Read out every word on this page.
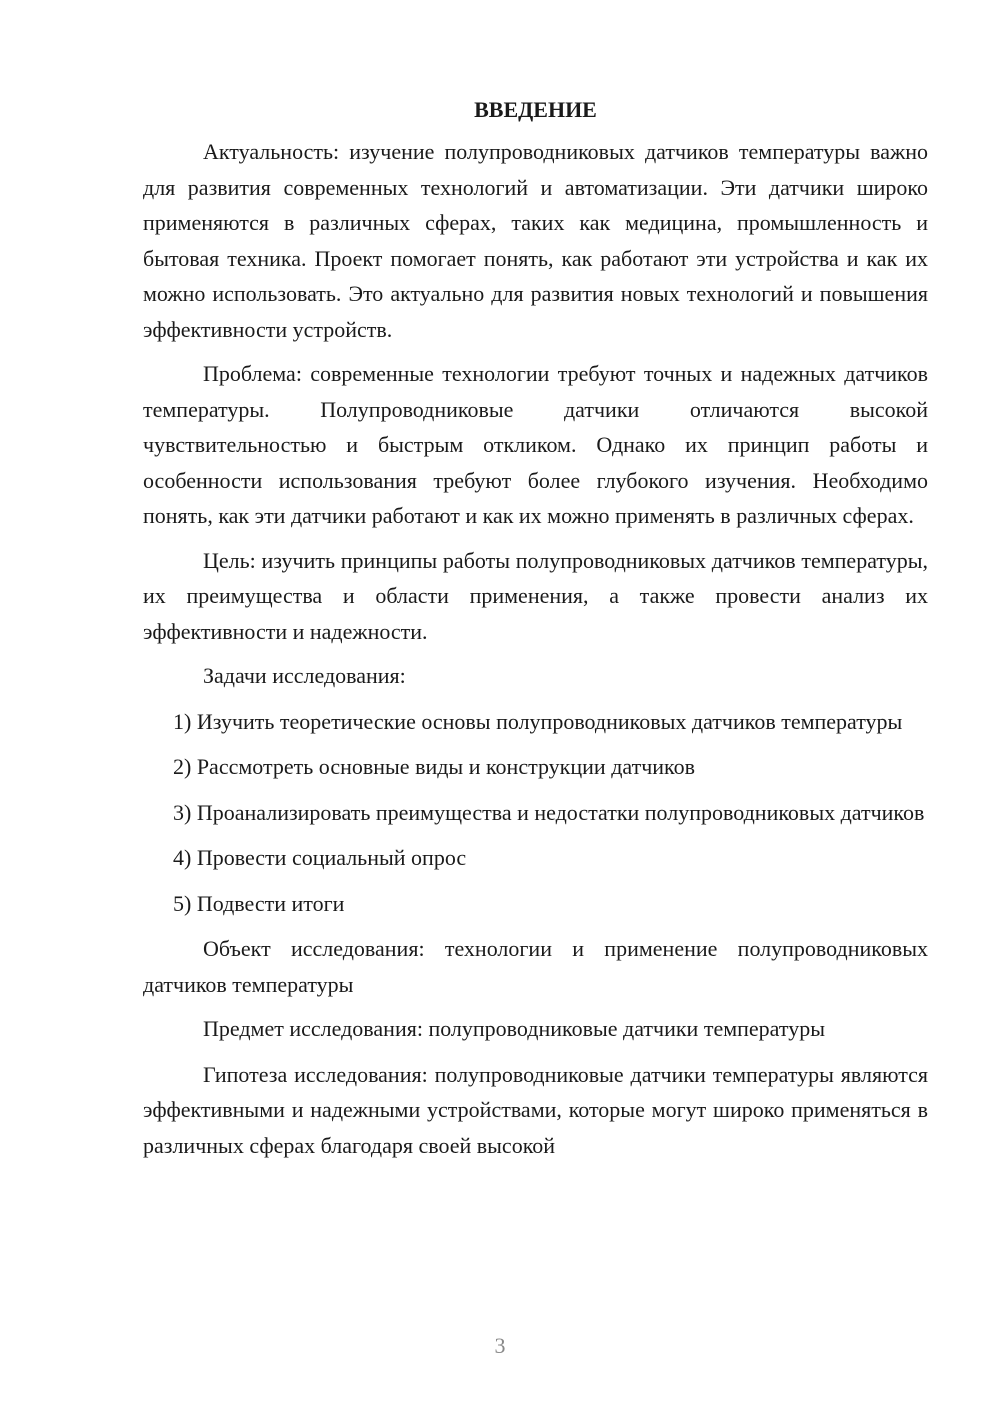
ВВЕДЕНИЕ

Актуальность: изучение полупроводниковых датчиков температуры важно для развития современных технологий и автоматизации. Эти датчики широко применяются в различных сферах, таких как медицина, промышленность и бытовая техника. Проект помогает понять, как работают эти устройства и как их можно использовать. Это актуально для развития новых технологий и повышения эффективности устройств.

Проблема: современные технологии требуют точных и надежных датчиков температуры. Полупроводниковые датчики отличаются высокой чувствительностью и быстрым откликом. Однако их принцип работы и особенности использования требуют более глубокого изучения. Необходимо понять, как эти датчики работают и как их можно применять в различных сферах.

Цель: изучить принципы работы полупроводниковых датчиков температуры, их преимущества и области применения, а также провести анализ их эффективности и надежности.

Задачи исследования:

1) Изучить теоретические основы полупроводниковых датчиков температуры

2) Рассмотреть основные виды и конструкции датчиков

3) Проанализировать преимущества и недостатки полупроводниковых датчиков

4) Провести социальный опрос

5) Подвести итоги

Объект исследования: технологии и применение полупроводниковых датчиков температуры

Предмет исследования: полупроводниковые датчики температуры

Гипотеза исследования: полупроводниковые датчики температуры являются эффективными и надежными устройствами, которые могут широко применяться в различных сферах благодаря своей высокой

3
